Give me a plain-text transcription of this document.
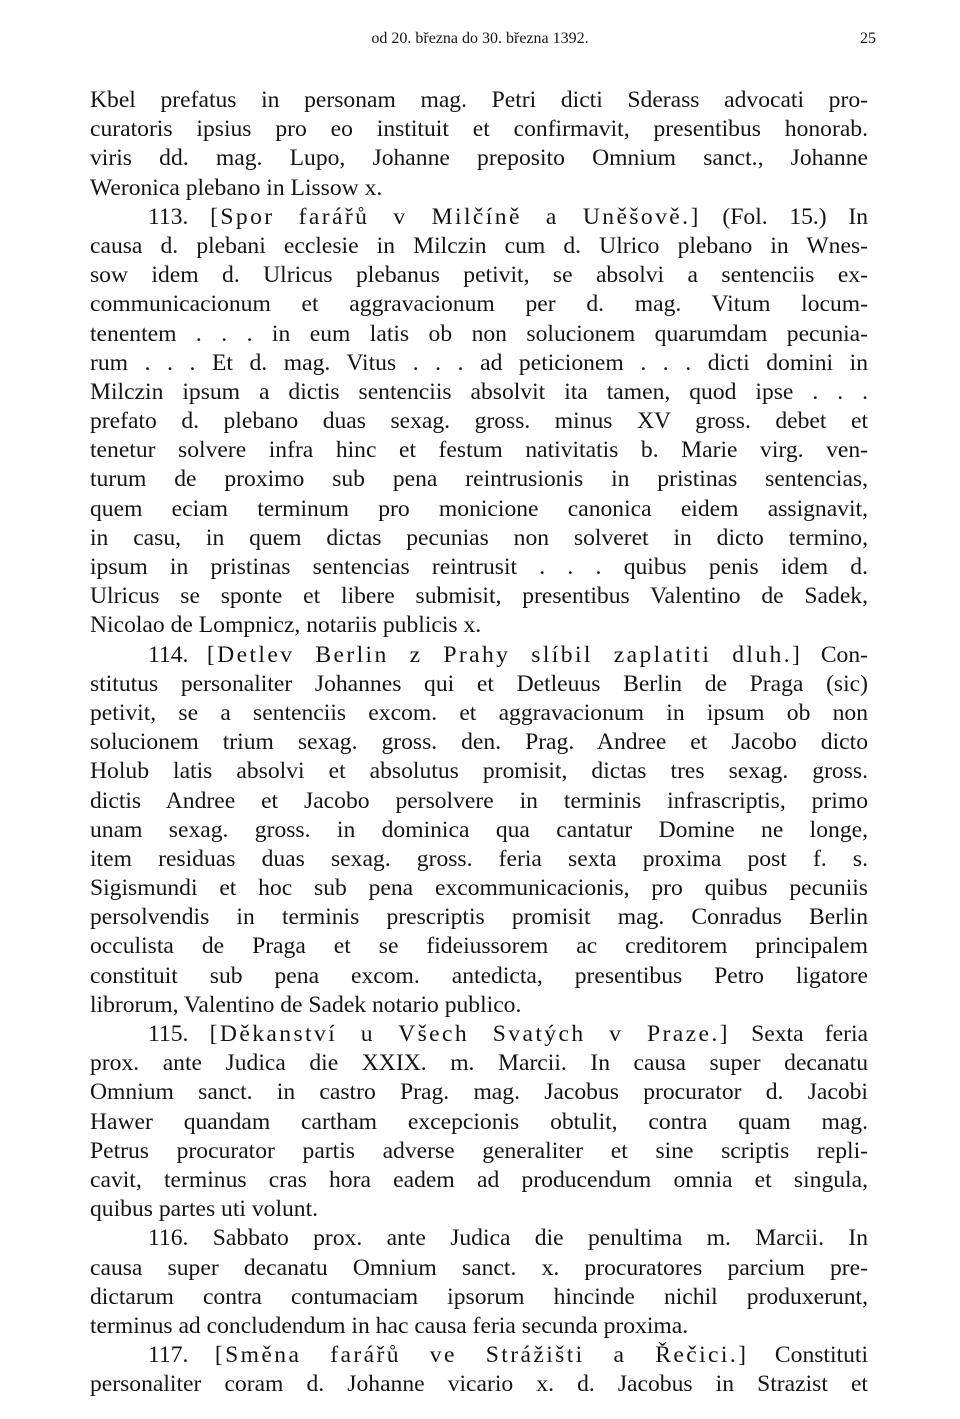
od 20. března do 30. března 1392.	25
Kbel prefatus in personam mag. Petri dicti Sderass advocati pro-
curatoris ipsius pro eo instituit et confirmavit, presentibus honorab.
viris dd. mag. Lupo, Johanne preposito Omnium sanct., Johanne
Weronica plebano in Lissow x.
113. [Spor farářů v Milčíně a Uněšově.] (Fol. 15.) In
causa d. plebani ecclesie in Milczin cum d. Ulrico plebano in Wnes-
sow idem d. Ulricus plebanus petivit, se absolvi a sentenciis ex-
communicacionum et aggravacionum per d. mag. Vitum locum-
tenentem . . . in eum latis ob non solucionem quarumdam pecunia-
rum . . . Et d. mag. Vitus . . . ad peticionem . . . dicti domini in
Milczin ipsum a dictis sentenciis absolvit ita tamen, quod ipse . . .
prefato d. plebano duas sexag. gross. minus XV gross. debet et
tenetur solvere infra hinc et festum nativitatis b. Marie virg. ven-
turum de proximo sub pena reintrusionis in pristinas sentencias,
quem eciam terminum pro monicione canonica eidem assignavit,
in casu, in quem dictas pecunias non solveret in dicto termino,
ipsum in pristinas sentencias reintrusit . . . quibus penis idem d.
Ulricus se sponte et libere submisit, presentibus Valentino de Sadek,
Nicolao de Lompnicz, notariis publicis x.
114. [Detlev Berlin z Prahy slíbil zaplatiti dluh.] Con-
stitutus personaliter Johannes qui et Detleuus Berlin de Praga (sic)
petivit, se a sentenciis excom. et aggravacionum in ipsum ob non
solucionem trium sexag. gross. den. Prag. Andree et Jacobo dicto
Holub latis absolvi et absolutus promisit, dictas tres sexag. gross.
dictis Andree et Jacobo persolvere in terminis infrascriptis, primo
unam sexag. gross. in dominica qua cantatur Domine ne longe,
item residuas duas sexag. gross. feria sexta proxima post f. s.
Sigismundi et hoc sub pena excommunicacionis, pro quibus pecuniis
persolvendis in terminis prescriptis promisit mag. Conradus Berlin
occulista de Praga et se fideiussorem ac creditorem principalem
constituit sub pena excom. antedicta, presentibus Petro ligatore
librorum, Valentino de Sadek notario publico.
115. [Děkanství u Všech Svatých v Praze.] Sexta feria
prox. ante Judica die XXIX. m. Marcii. In causa super decanatu
Omnium sanct. in castro Prag. mag. Jacobus procurator d. Jacobi
Hawer quandam cartham excepcionis obtulit, contra quam mag.
Petrus procurator partis adverse generaliter et sine scriptis repli-
cavit, terminus cras hora eadem ad producendum omnia et singula,
quibus partes uti volunt.
116. Sabbato prox. ante Judica die penultima m. Marcii. In
causa super decanatu Omnium sanct. x. procuratores parcium pre-
dictarum contra contumaciam ipsorum hincinde nichil produxerunt,
terminus ad concludendum in hac causa feria secunda proxima.
117. [Směna farářů ve Strážišti a Řečici.] Constituti
personaliter coram d. Johanne vicario x. d. Jacobus in Strazist et
